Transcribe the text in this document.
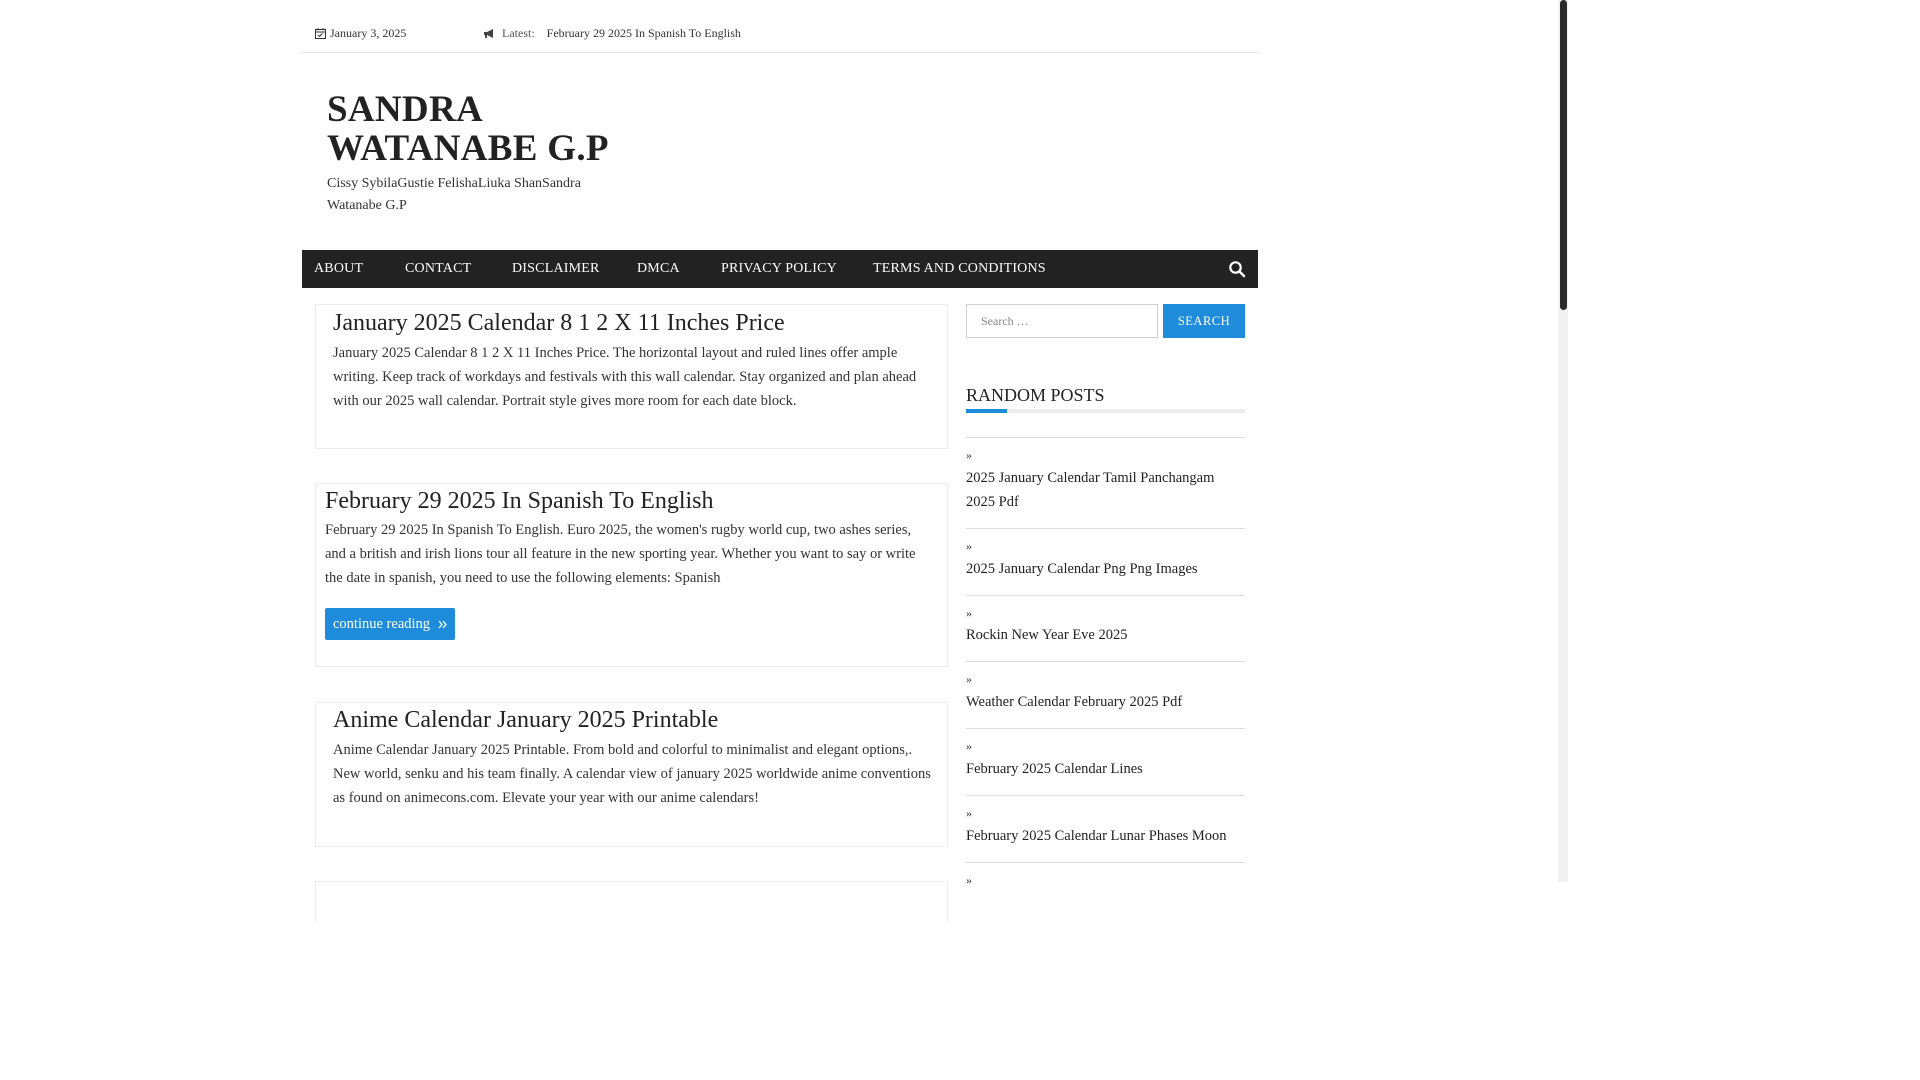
January 3, 2025	Latest: February 29 2025 In Spanish To English
SANDRA WATANABE G.P
Cissy SybilaGustie FelishaLiuka ShanSandra Watanabe G.P
ABOUT	CONTACT	DISCLAIMER	DMCA	PRIVACY POLICY	TERMS AND CONDITIONS
January 2025 Calendar 8 1 2 X 11 Inches Price

January 2025 Calendar 8 1 2 X 11 Inches Price. The horizontal layout and ruled lines offer ample writing. Keep track of workdays and festivals with this wall calendar. Stay organized and plan ahead with our 2025 wall calendar. Portrait style gives more room for each date block.

February 29 2025 In Spanish To English

February 29 2025 In Spanish To English. Euro 2025, the women's rugby world cup, two ashes series, and a british and irish lions tour all feature in the new sporting year. Whether you want to say or write the date in spanish, you need to use the following elements: Spanish

continue reading
Anime Calendar January 2025 Printable

Anime Calendar January 2025 Printable. From bold and colorful to minimalist and elegant options,. New world, senku and his team finally. A calendar view of january 2025 worldwide anime conventions as found on animecons.com. Elevate your year with our anime calendars!

Search …	SEARCH
RANDOM POSTS
»
2025 January Calendar Tamil Panchangam 2025 Pdf
»
2025 January Calendar Png Png Images
»
Rockin New Year Eve 2025
»
Weather Calendar February 2025 Pdf
»
February 2025 Calendar Lines
»
February 2025 Calendar Lunar Phases Moon
»
